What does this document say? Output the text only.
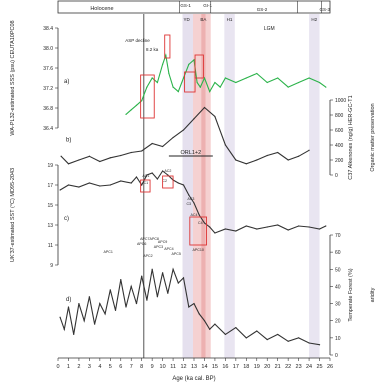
Holocene
GS-1	GI-1
GS-2	GS-3
YD BA	H1	H2
8.2 ka
ASP decline
LGM
36.4
36.8
37.2
37.6
38.0
38.4
WA-PL32-estimated SSS (psu) CEUTA10PC08	a)
0
200
400
600
800
1000 C37 Alkenones (ng/g) HER-GC-T1	Organic matter preservation
b)
9
11
13
15
17
19
UK'37-estimated SST (°C) MD95-2043	c)
0
10
20
30
40
50
60
70
Temperate Forest (%)	aridity
d)
ORL1+2
APC1
APC2
APC3 APC4
APC5
APC6
APC7 APC8
APC9
APC10
AC1
AC2
AC3
AC4
C1	C2
C3
C4
0 1 2 3 4 5 6 7 8 9 10 11 12 13 14 15 16 17 18 19 20 21 22 23 24 25 26
Age (ka cal. BP)
